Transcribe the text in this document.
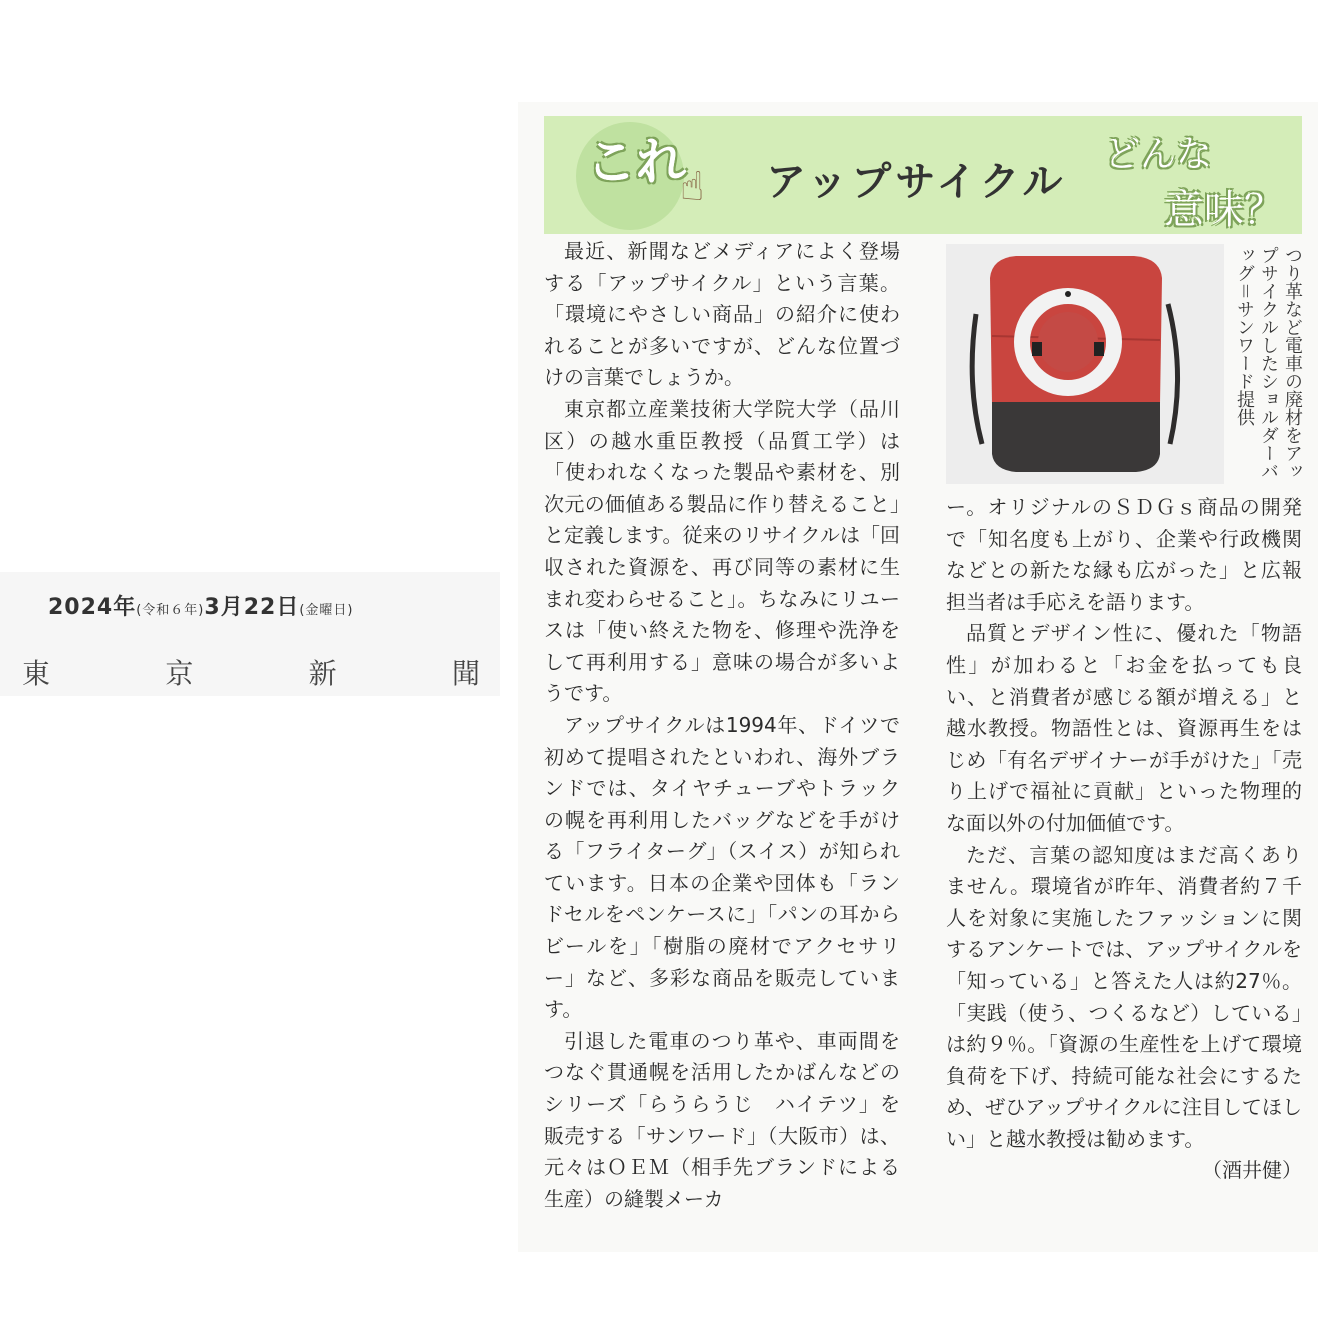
2024年(令和６年)3月22日(金曜日)
東	京	新	聞
これ
☝ アップサイクル
どんな
意味？

最近、新聞などメディアによく登場する「アップサイクル」という言葉。「環境にやさしい商品」の紹介に使われることが多いですが、どんな位置づけの言葉でしょうか。

東京都立産業技術大学院大学（品川区）の越水重臣教授（品質工学）は「使われなくなった製品や素材を、別次元の価値ある製品に作り替えること」と定義します。従来のリサイクルは「回収された資源を、再び同等の素材に生まれ変わらせること」。ちなみにリユースは「使い終えた物を、修理や洗浄をして再利用する」意味の場合が多いようです。

アップサイクルは1994年、ドイツで初めて提唱されたといわれ、海外ブランドでは、タイヤチューブやトラックの幌を再利用したバッグなどを手がける「フライターグ」（スイス）が知られています。日本の企業や団体も「ランドセルをペンケースに」「パンの耳からビールを」「樹脂の廃材でアクセサリー」など、多彩な商品を販売しています。

引退した電車のつり革や、車両間をつなぐ貫通幌を活用したかばんなどのシリーズ「らうらうじ　ハイテツ」を販売する「サンワード」（大阪市）は、元々はＯＥＭ（相手先ブランドによる生産）の縫製メーカ

つり革など電車の廃材をアップサイクルしたショルダーバッグ＝サンワード提供

ー。オリジナルのＳＤＧｓ商品の開発で「知名度も上がり、企業や行政機関などとの新たな縁も広がった」と広報担当者は手応えを語ります。

品質とデザイン性に、優れた「物語性」が加わると「お金を払っても良い、と消費者が感じる額が増える」と越水教授。物語性とは、資源再生をはじめ「有名デザイナーが手がけた」「売り上げで福祉に貢献」といった物理的な面以外の付加価値です。

ただ、言葉の認知度はまだ高くありません。環境省が昨年、消費者約７千人を対象に実施したファッションに関するアンケートでは、アップサイクルを「知っている」と答えた人は約27％。「実践（使う、つくるなど）している」は約９％。「資源の生産性を上げて環境負荷を下げ、持続可能な社会にするため、ぜひアップサイクルに注目してほしい」と越水教授は勧めます。

（酒井健）
